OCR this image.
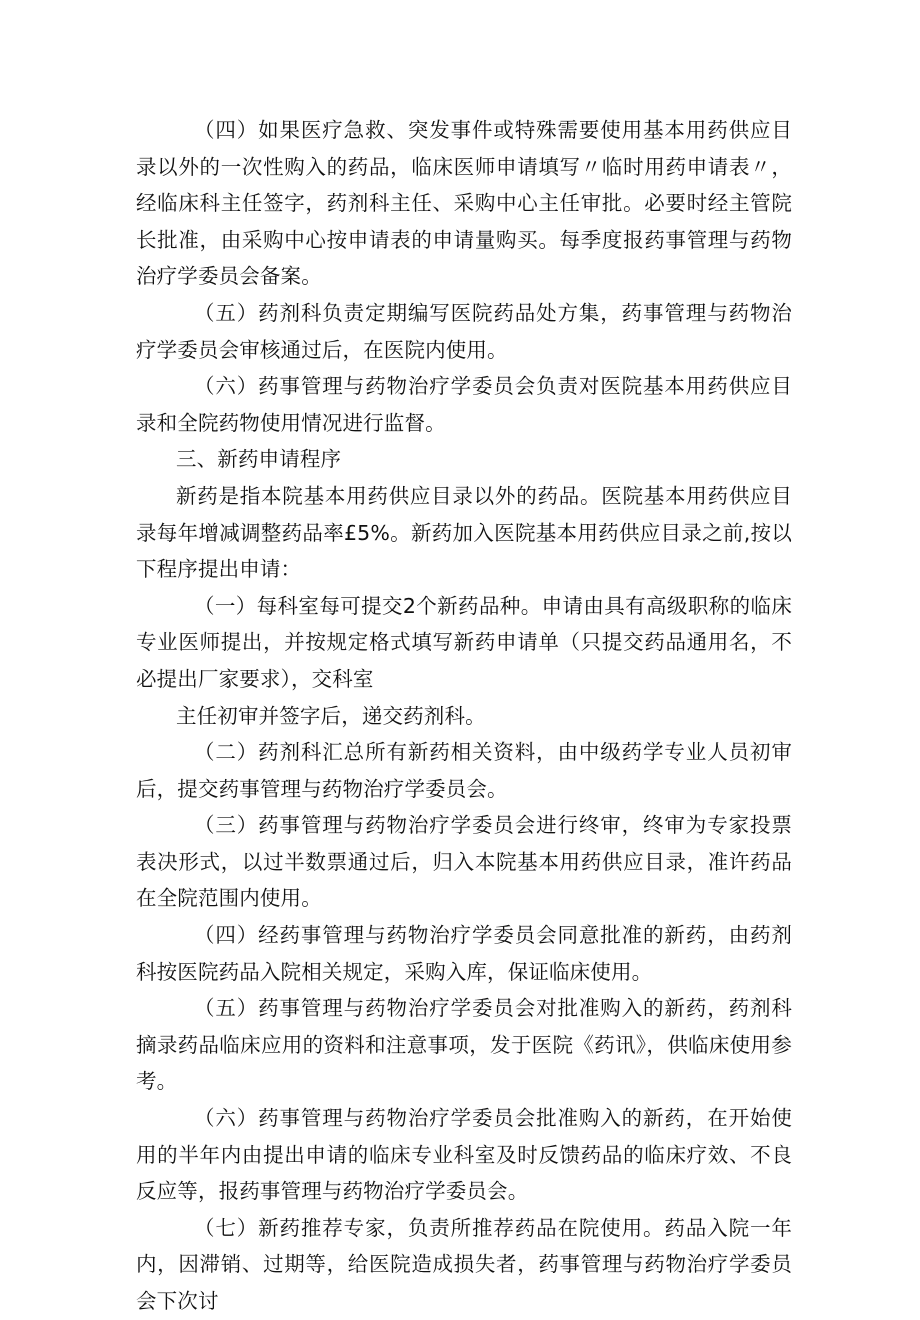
（四）如果医疗急救、突发事件或特殊需要使用基本用药供应目录以外的一次性购入的药品，临床医师申请填写〃临时用药申请表〃，经临床科主任签字，药剂科主任、采购中心主任审批。必要时经主管院长批准，由采购中心按申请表的申请量购买。每季度报药事管理与药物治疗学委员会备案。

（五）药剂科负责定期编写医院药品处方集，药事管理与药物治疗学委员会审核通过后，在医院内使用。

（六）药事管理与药物治疗学委员会负责对医院基本用药供应目录和全院药物使用情况进行监督。

三、新药申请程序

新药是指本院基本用药供应目录以外的药品。医院基本用药供应目录每年增减调整药品率£5%。新药加入医院基本用药供应目录之前,按以下程序提出申请：

（一）每科室每可提交2个新药品种。申请由具有高级职称的临床专业医师提出，并按规定格式填写新药申请单（只提交药品通用名，不必提出厂家要求），交科室

主任初审并签字后，递交药剂科。

（二）药剂科汇总所有新药相关资料，由中级药学专业人员初审后，提交药事管理与药物治疗学委员会。

（三）药事管理与药物治疗学委员会进行终审，终审为专家投票表决形式，以过半数票通过后，归入本院基本用药供应目录，准许药品在全院范围内使用。

（四）经药事管理与药物治疗学委员会同意批准的新药，由药剂科按医院药品入院相关规定，采购入库，保证临床使用。

（五）药事管理与药物治疗学委员会对批准购入的新药，药剂科摘录药品临床应用的资料和注意事项，发于医院《药讯》，供临床使用参考。

（六）药事管理与药物治疗学委员会批准购入的新药，在开始使用的半年内由提出申请的临床专业科室及时反馈药品的临床疗效、不良反应等，报药事管理与药物治疗学委员会。

（七）新药推荐专家，负责所推荐药品在院使用。药品入院一年内，因滞销、过期等，给医院造成损失者，药事管理与药物治疗学委员会下次讨
